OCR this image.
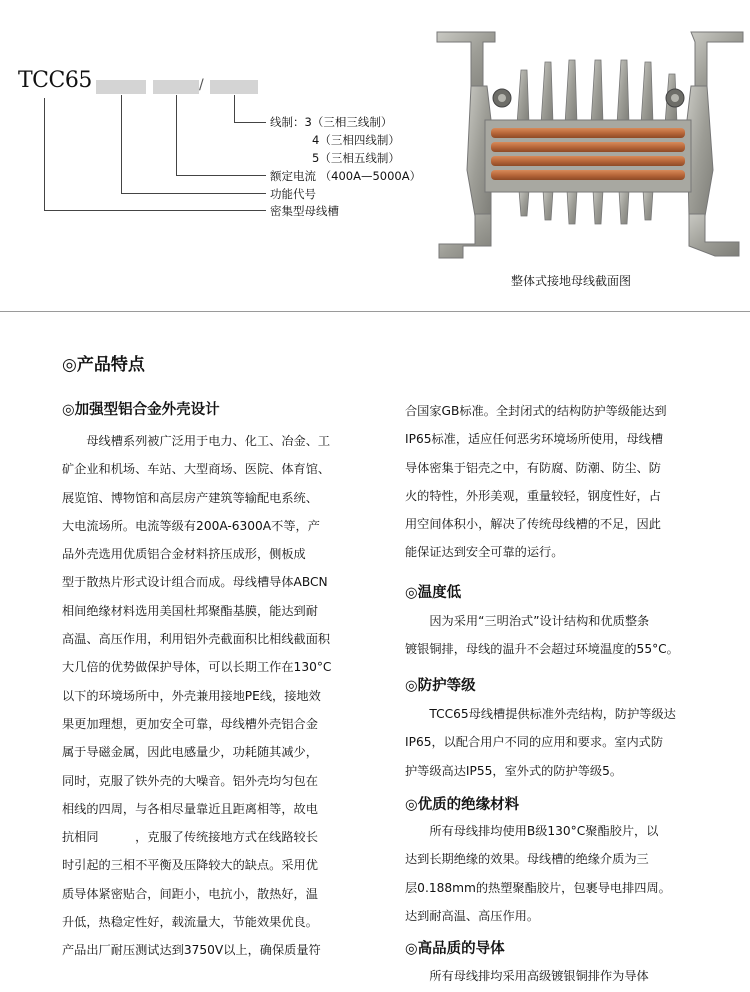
TCC65	/
线制：3（三相三线制）
4（三相四线制）
5（三相五线制）
额定电流 （400A—5000A）
功能代号
密集型母线槽
整体式接地母线截面图
◎产品特点
◎加强型铝合金外壳设计
　　母线槽系列被广泛用于电力、化工、冶金、工
矿企业和机场、车站、大型商场、医院、体育馆、
展览馆、博物馆和高层房产建筑等输配电系统、
大电流场所。电流等级有200A-6300A不等，产
品外壳选用优质铝合金材料挤压成形，侧板成
型于散热片形式设计组合而成。母线槽导体ABCN
相间绝缘材料选用美国杜邦聚酯基膜，能达到耐
高温、高压作用，利用铝外壳截面积比相线截面积
大几倍的优势做保护导体，可以长期工作在130°C
以下的环境场所中，外壳兼用接地PE线，接地效
果更加理想，更加安全可靠，母线槽外壳铝合金
属于导磁金属，因此电感量少，功耗随其减少，
同时，克服了铁外壳的大噪音。铝外壳均匀包在
相线的四周，与各相尽量靠近且距离相等，故电
抗相同　　　，克服了传统接地方式在线路较长
时引起的三相不平衡及压降较大的缺点。采用优
质导体紧密贴合，间距小，电抗小，散热好，温
升低，热稳定性好，载流量大，节能效果优良。
产品出厂耐压测试达到3750V以上，确保质量符
合国家GB标准。全封闭式的结构防护等级能达到
IP65标准，适应任何恶劣环境场所使用，母线槽
导体密集于铝壳之中，有防腐、防潮、防尘、防
火的特性，外形美观，重量较轻，钢度性好，占
用空间体积小，解决了传统母线槽的不足，因此
能保证达到安全可靠的运行。
◎温度低
　　因为采用“三明治式”设计结构和优质整条
镀银铜排，母线的温升不会超过环境温度的55°C。
◎防护等级
　　TCC65母线槽提供标准外壳结构，防护等级达
IP65，以配合用户不同的应用和要求。室内式防
护等级高达IP55，室外式的防护等级5。
◎优质的绝缘材料
　　所有母线排均使用B级130°C聚酯胶片，以
达到长期绝缘的效果。母线槽的绝缘介质为三
层0.188mm的热塑聚酯胶片，包裹导电排四周。
达到耐高温、高压作用。
◎高品质的导体
　　所有母线排均采用高级镀银铜排作为导体
